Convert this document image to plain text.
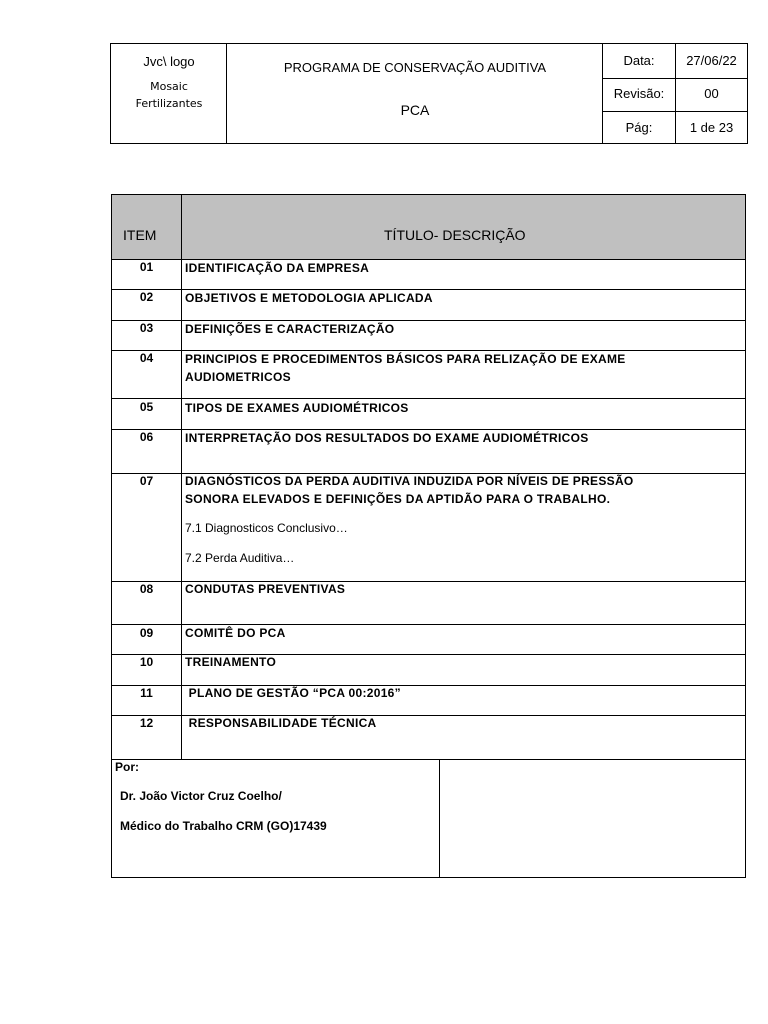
Jvc\ logo
Mosaic
Fertilizantes
PROGRAMA DE CONSERVAÇÃO AUDITIVA
PCA
Data:	27/06/22
Revisão:	00
Pág:	1 de 23
ITEM	TÍTULO- DESCRIÇÃO
01	IDENTIFICAÇÃO DA EMPRESA
02	OBJETIVOS E METODOLOGIA APLICADA
03	DEFINIÇÕES E CARACTERIZAÇÃO
04	PRINCIPIOS E PROCEDIMENTOS BÁSICOS PARA RELIZAÇÃO DE EXAME
AUDIOMETRICOS
05	TIPOS DE EXAMES AUDIOMÉTRICOS
06	INTERPRETAÇÃO DOS RESULTADOS DO EXAME AUDIOMÉTRICOS
07	DIAGNÓSTICOS DA PERDA AUDITIVA INDUZIDA POR NÍVEIS DE PRESSÃO
SONORA ELEVADOS E DEFINIÇÕES DA APTIDÃO PARA O TRABALHO.
7.1 Diagnosticos Conclusivo…
7.2 Perda Auditiva…
08	CONDUTAS PREVENTIVAS
09	COMITÊ DO PCA
10	TREINAMENTO
11	PLANO DE GESTÃO “PCA 00:2016”
12	RESPONSABILIDADE TÉCNICA
Por:
Dr. João Victor Cruz Coelho/
Médico do Trabalho CRM (GO)17439
